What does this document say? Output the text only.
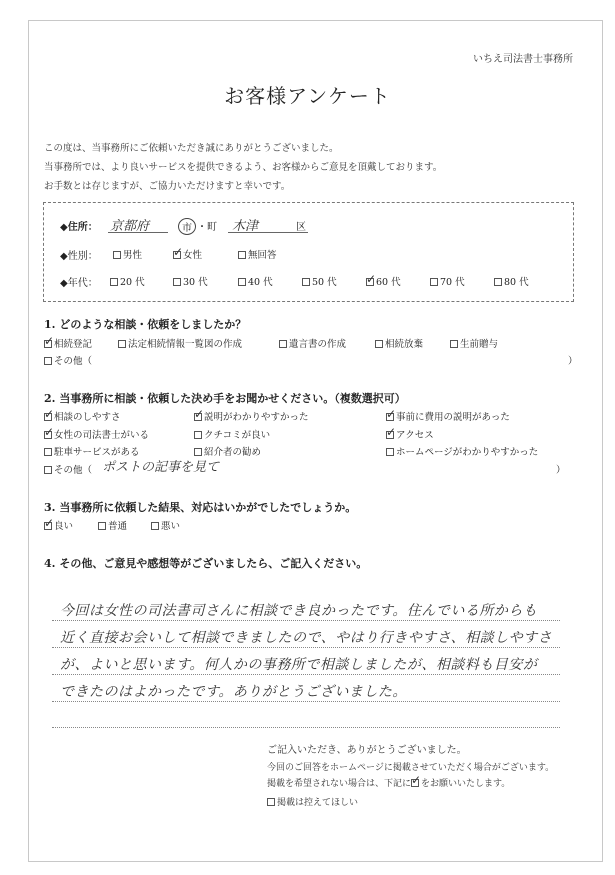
いちえ司法書士事務所
お客様アンケート
この度は、当事務所にご依頼いただき誠にありがとうございました。
当事務所では、より良いサービスを提供できるよう、お客様からご意見を頂戴しております。
お手数とは存じますが、ご協力いただけますと幸いです。
◆住所： 京都府	市 ・町 木津	区
◆性別：	男性 ✓	女性	無回答
◆年代：	20 代	30 代	40 代	50 代 ✓	60 代	70 代	80 代
1. どのような相談・依頼をしましたか？
✓相続登記	法定相続情報一覧図の作成	遺言書の作成	相続放棄	生前贈与
その他（	）
2. 当事務所に相談・依頼した決め手をお聞かせください。（複数選択可）
✓相談のしやすさ ✓	説明がわかりやすかった ✓	事前に費用の説明があった
✓女性の司法書士がいる	クチコミが良い ✓	アクセス
駐車サービスがある	紹介者の勧め	ホームページがわかりやすかった
その他（ ポストの記事を見て	）
3. 当事務所に依頼した結果、対応はいかがでしたでしょうか。
✓良い	普通	悪い
4. その他、ご意見や感想等がございましたら、ご記入ください。
今回は女性の司法書司さんに相談でき良かったです。住んでいる所からも
近く直接お会いして相談できましたので、やはり行きやすさ、相談しやすさ
が、よいと思います。何人かの事務所で相談しましたが、相談料も目安が
できたのはよかったです。ありがとうございました。
ご記入いただき、ありがとうございました。
今回のご回答をホームページに掲載させていただく場合がございます。
掲載を希望されない場合は、下記に ✓ をお願いいたします。
掲載は控えてほしい
